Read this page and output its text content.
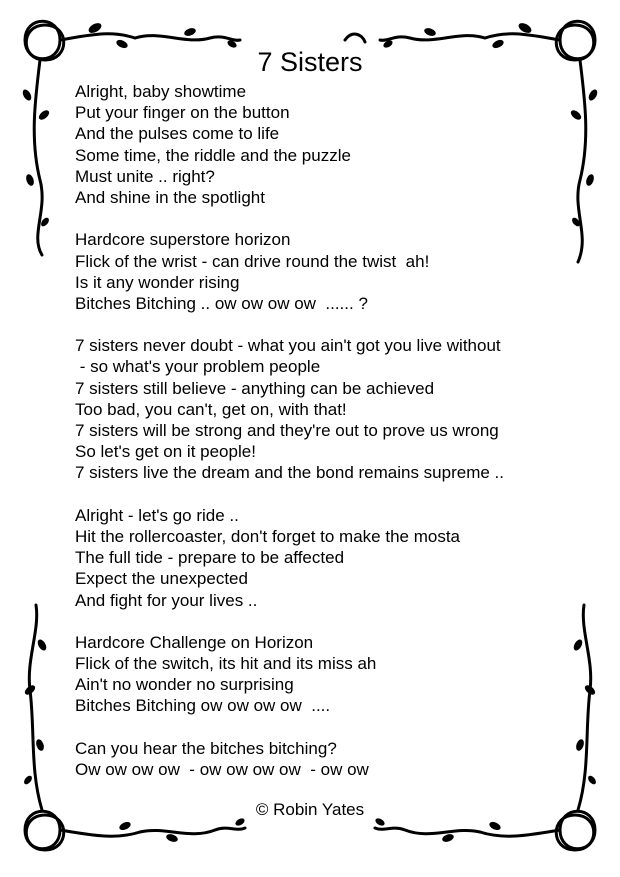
7 Sisters
Alright, baby showtime
Put your finger on the button
And the pulses come to life
Some time, the riddle and the puzzle
Must unite .. right?
And shine in the spotlight
Hardcore superstore horizon
Flick of the wrist - can drive round the twist  ah!
Is it any wonder rising
Bitches Bitching .. ow ow ow ow  ...... ?
7 sisters never doubt - what you ain't got you live without
- so what's your problem people
7 sisters still believe - anything can be achieved
Too bad, you can't, get on, with that!
7 sisters will be strong and they're out to prove us wrong
So let's get on it people!
7 sisters live the dream and the bond remains supreme ..
Alright - let's go ride ..
Hit the rollercoaster, don't forget to make the mosta
The full tide - prepare to be affected
Expect the unexpected
And fight for your lives ..
Hardcore Challenge on Horizon
Flick of the switch, its hit and its miss ah
Ain't no wonder no surprising
Bitches Bitching ow ow ow ow  ....
Can you hear the bitches bitching?
Ow ow ow ow  - ow ow ow ow  - ow ow
© Robin Yates
